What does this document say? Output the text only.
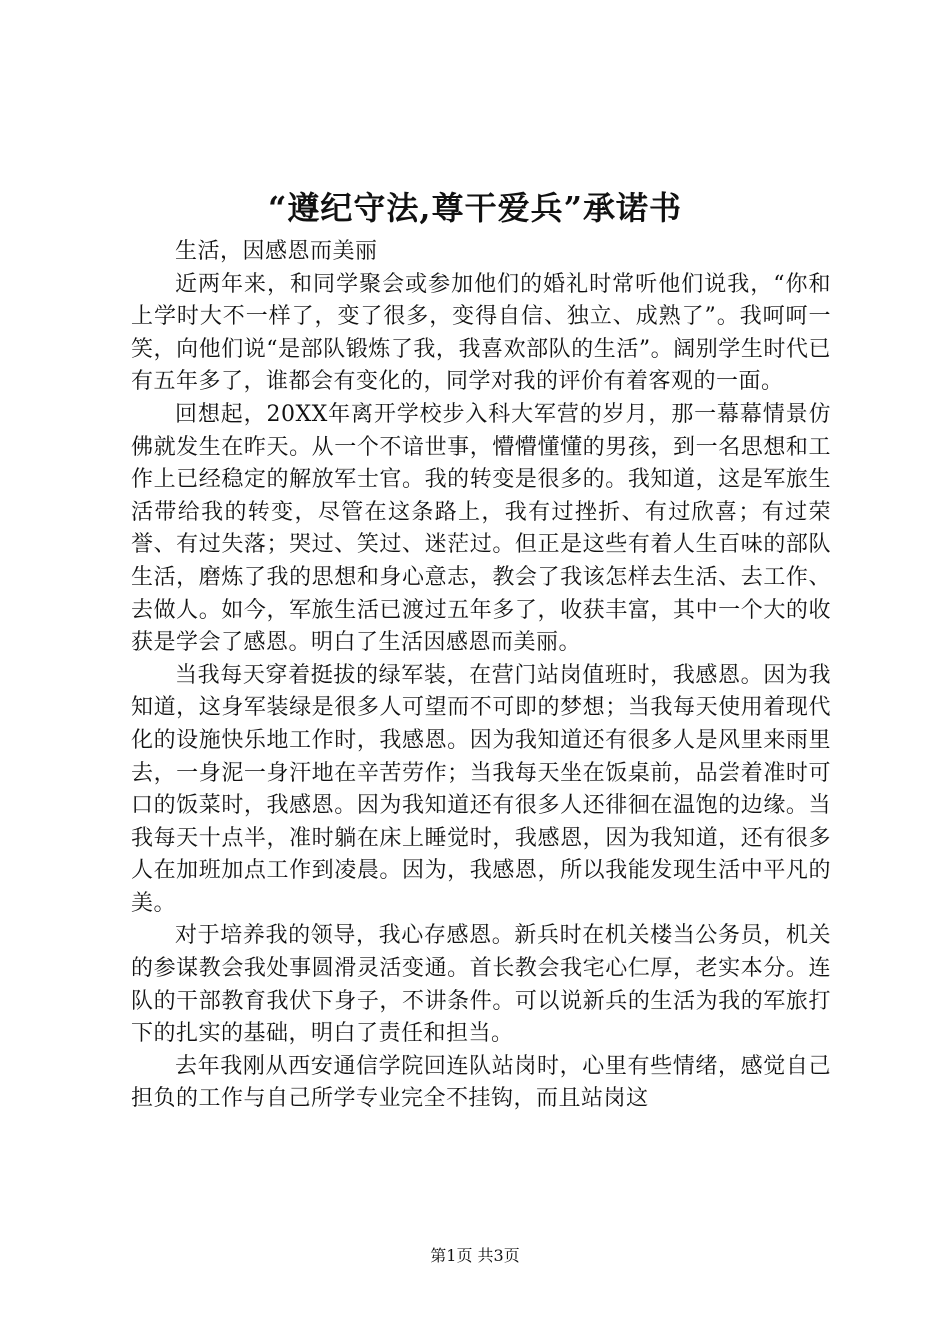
“遵纪守法,尊干爱兵”承诺书

生活，因感恩而美丽

近两年来，和同学聚会或参加他们的婚礼时常听他们说我，“你和上学时大不一样了，变了很多，变得自信、独立、成熟了”。我呵呵一笑，向他们说“是部队锻炼了我，我喜欢部队的生活”。阔别学生时代已有五年多了，谁都会有变化的，同学对我的评价有着客观的一面。

回想起，20XX年离开学校步入科大军营的岁月，那一幕幕情景仿佛就发生在昨天。从一个不谙世事，懵懵懂懂的男孩，到一名思想和工作上已经稳定的解放军士官。我的转变是很多的。我知道，这是军旅生活带给我的转变，尽管在这条路上，我有过挫折、有过欣喜；有过荣誉、有过失落；哭过、笑过、迷茫过。但正是这些有着人生百味的部队生活，磨炼了我的思想和身心意志，教会了我该怎样去生活、去工作、去做人。如今，军旅生活已渡过五年多了，收获丰富，其中一个大的收获是学会了感恩。明白了生活因感恩而美丽。

当我每天穿着挺拔的绿军装，在营门站岗值班时，我感恩。因为我知道，这身军装绿是很多人可望而不可即的梦想；当我每天使用着现代化的设施快乐地工作时，我感恩。因为我知道还有很多人是风里来雨里去，一身泥一身汗地在辛苦劳作；当我每天坐在饭桌前，品尝着准时可口的饭菜时，我感恩。因为我知道还有很多人还徘徊在温饱的边缘。当我每天十点半，准时躺在床上睡觉时，我感恩，因为我知道，还有很多人在加班加点工作到凌晨。因为，我感恩，所以我能发现生活中平凡的美。

对于培养我的领导，我心存感恩。新兵时在机关楼当公务员，机关的参谋教会我处事圆滑灵活变通。首长教会我宅心仁厚，老实本分。连队的干部教育我伏下身子，不讲条件。可以说新兵的生活为我的军旅打下的扎实的基础，明白了责任和担当。

去年我刚从西安通信学院回连队站岗时，心里有些情绪，感觉自己担负的工作与自己所学专业完全不挂钩，而且站岗这

第1页 共3页
